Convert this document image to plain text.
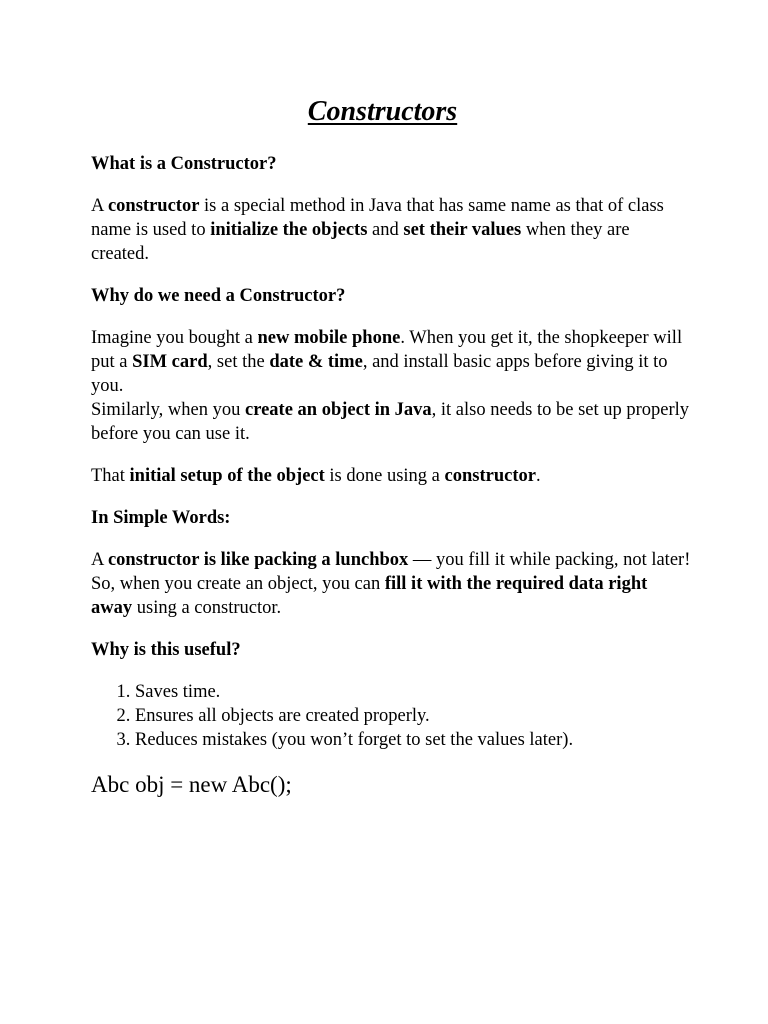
Constructors
What is a Constructor?

A constructor is a special method in Java that has same name as that of class name is used to initialize the objects and set their values when they are created.

Why do we need a Constructor?

Imagine you bought a new mobile phone. When you get it, the shopkeeper will put a SIM card, set the date & time, and install basic apps before giving it to you.

Similarly, when you create an object in Java, it also needs to be set up properly before you can use it.

That initial setup of the object is done using a constructor.

In Simple Words:

A constructor is like packing a lunchbox — you fill it while packing, not later!

So, when you create an object, you can fill it with the required data right away using a constructor.

Why is this useful?
1. Saves time.
2. Ensures all objects are created properly.
3. Reduces mistakes (you won’t forget to set the values later).
Abc obj = new Abc();
